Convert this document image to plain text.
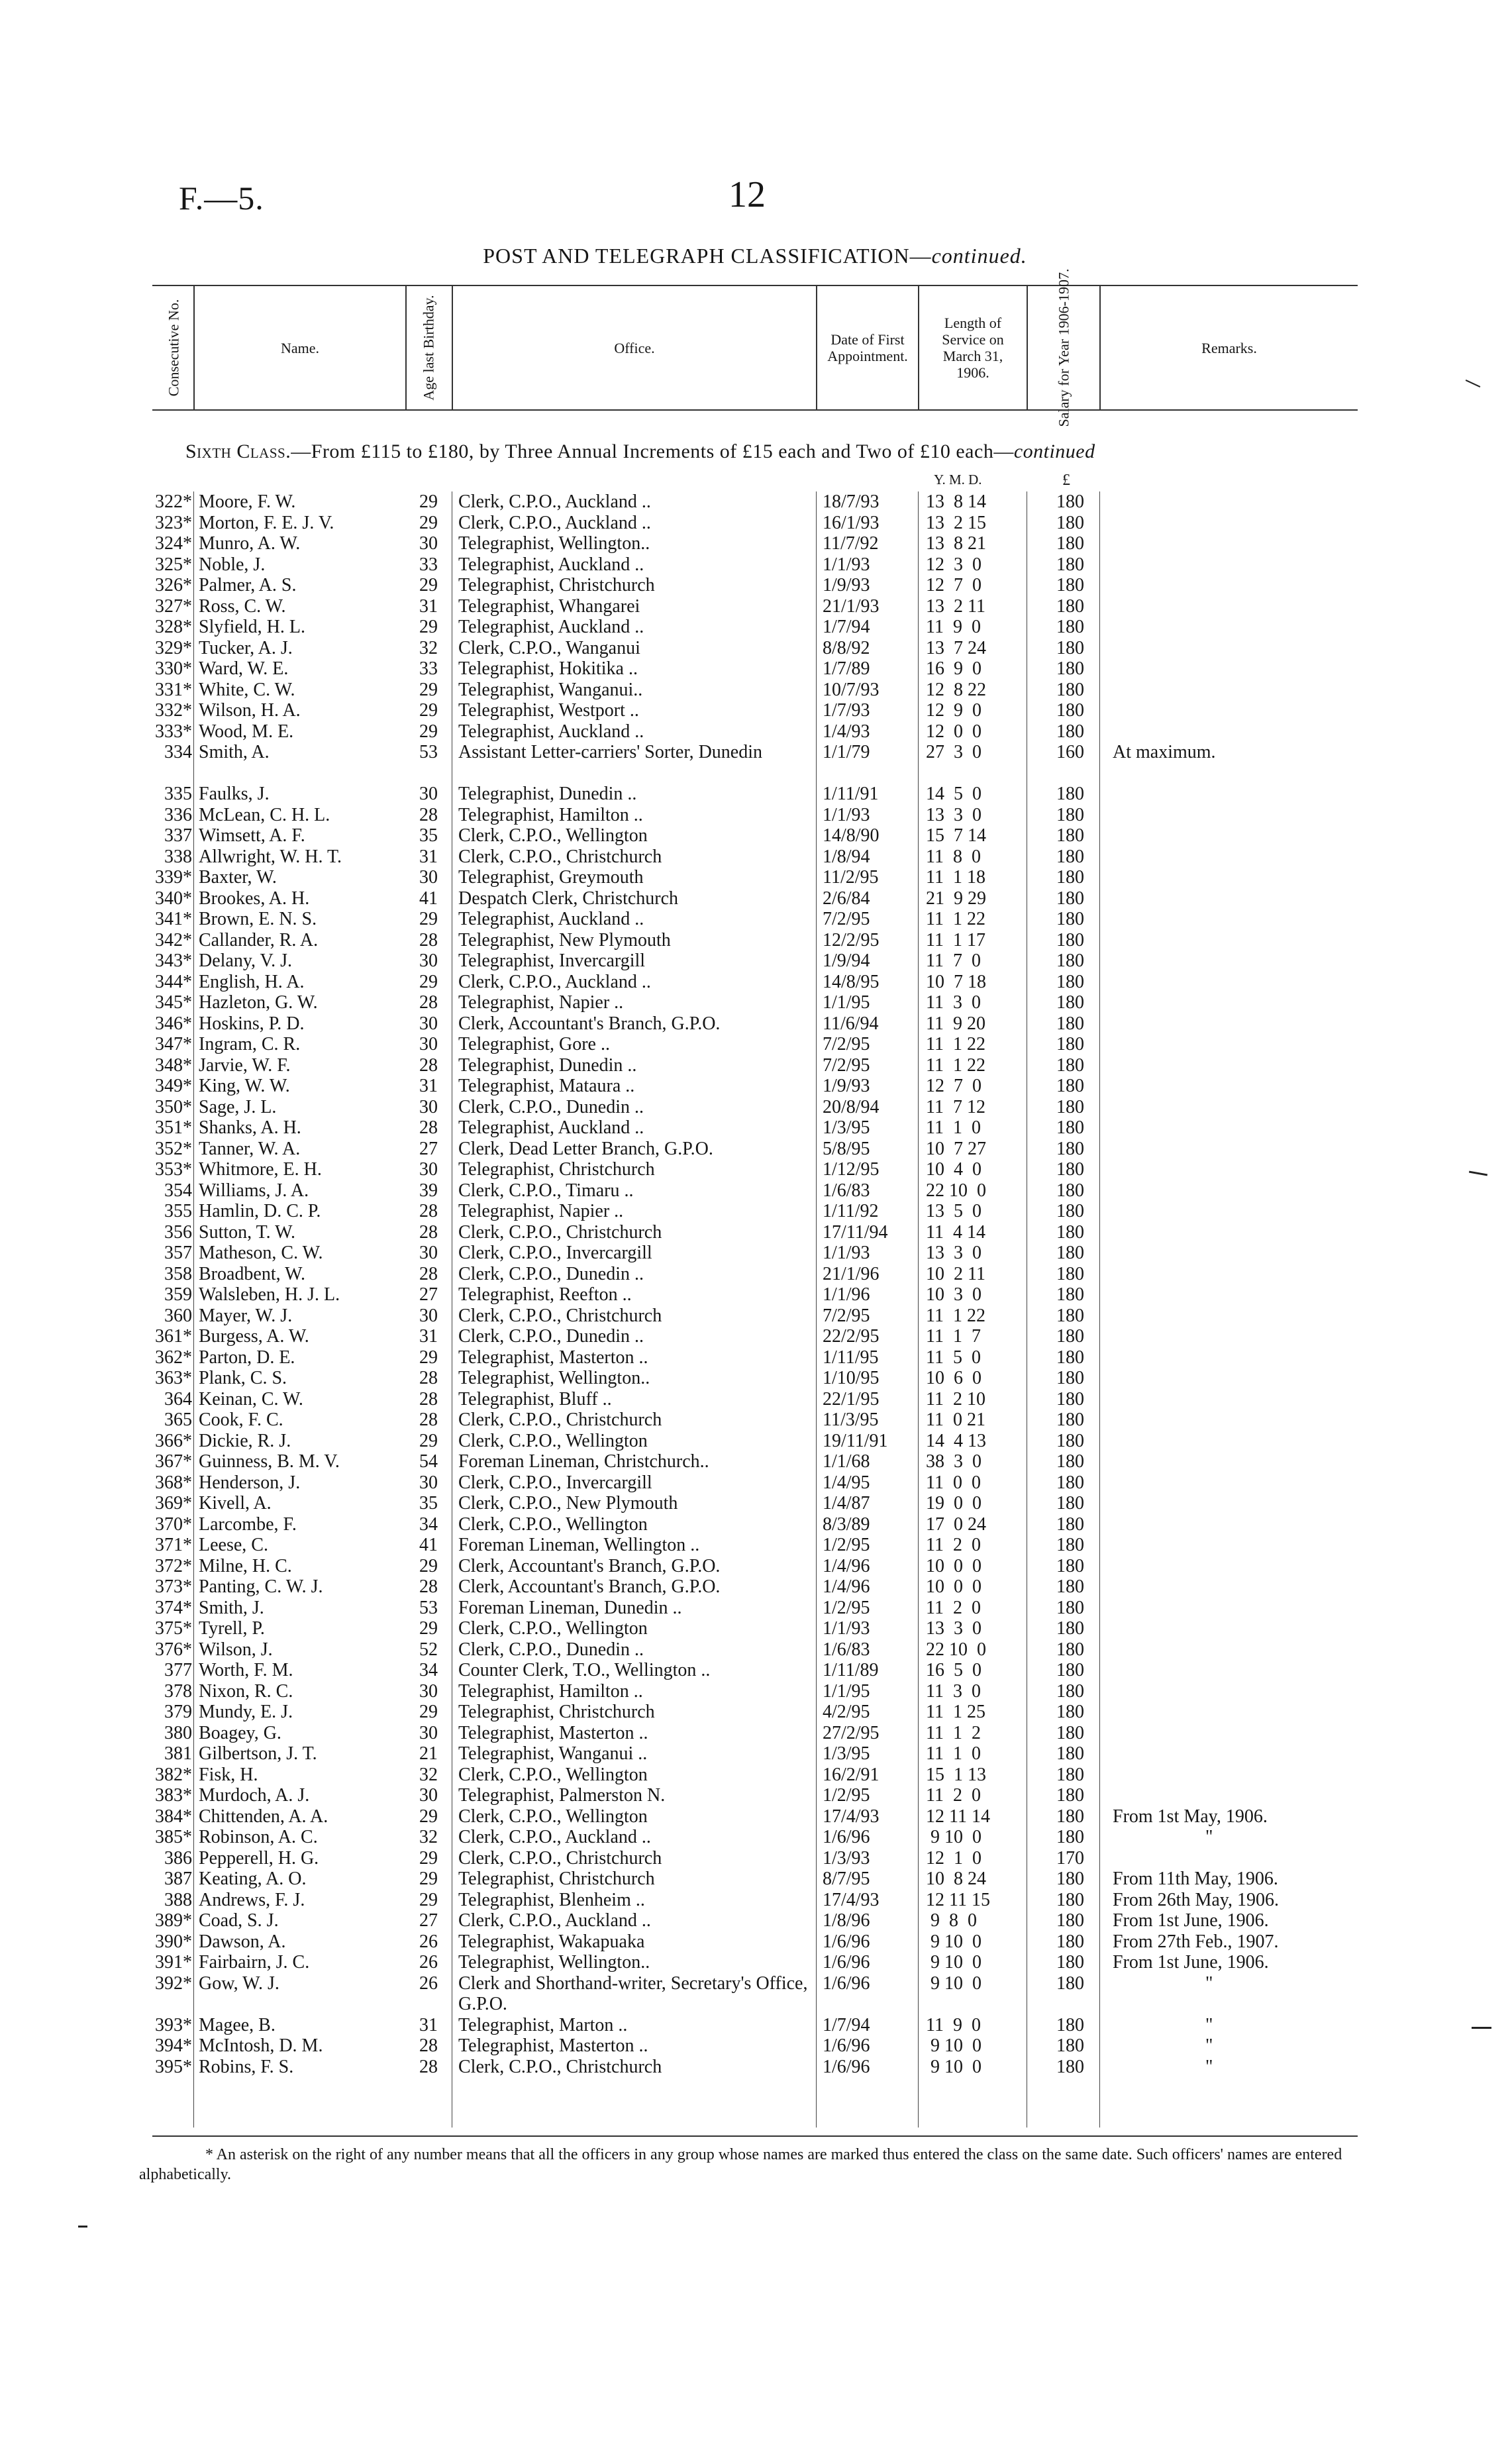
F.—5.	12
POST AND TELEGRAPH CLASSIFICATION—continued.
Consecutive No.	Name.	Age last Birthday.	Office.	Date of First Appointment.
Length of Service on March 31, 1906.	Salary for Year 1906-1907.	Remarks.
Sixth Class.—From £115 to £180, by Three Annual Increments of £15 each and Two of £10 each—continued
Y. M. D.	£
322* Moore, F. W.	29	Clerk, C.P.O., Auckland ..	18/7/93	13  8 14	180
323* Morton, F. E. J. V.	29	Clerk, C.P.O., Auckland ..	16/1/93	13  2 15	180
324* Munro, A. W.	30	Telegraphist, Wellington..	11/7/92	13  8 21	180
325* Noble, J.	33	Telegraphist, Auckland ..	1/1/93	12  3  0	180
326* Palmer, A. S.	29	Telegraphist, Christchurch	1/9/93	12  7  0	180
327* Ross, C. W.	31	Telegraphist, Whangarei	21/1/93	13  2 11	180
328* Slyfield, H. L.	29	Telegraphist, Auckland ..	1/7/94	11  9  0	180
329* Tucker, A. J.	32	Clerk, C.P.O., Wanganui	8/8/92	13  7 24	180
330* Ward, W. E.	33	Telegraphist, Hokitika ..	1/7/89	16  9  0	180
331* White, C. W.	29	Telegraphist, Wanganui..	10/7/93	12  8 22	180
332* Wilson, H. A.	29	Telegraphist, Westport ..	1/7/93	12  9  0	180
333* Wood, M. E.	29	Telegraphist, Auckland ..	1/4/93	12  0  0	180
334 Smith, A.	53	Assistant Letter-carriers' Sorter, Dunedin	1/1/79	27  3  0	160	At maximum.
335 Faulks, J.	30	Telegraphist, Dunedin ..	1/11/91	14  5  0	180
336 McLean, C. H. L.	28	Telegraphist, Hamilton ..	1/1/93	13  3  0	180
337 Wimsett, A. F.	35	Clerk, C.P.O., Wellington	14/8/90	15  7 14	180
338 Allwright, W. H. T.	31	Clerk, C.P.O., Christchurch	1/8/94	11  8  0	180
339* Baxter, W.	30	Telegraphist, Greymouth	11/2/95	11  1 18	180
340* Brookes, A. H.	41	Despatch Clerk, Christchurch	2/6/84	21  9 29	180
341* Brown, E. N. S.	29	Telegraphist, Auckland ..	7/2/95	11  1 22	180
342* Callander, R. A.	28	Telegraphist, New Plymouth	12/2/95	11  1 17	180
343* Delany, V. J.	30	Telegraphist, Invercargill	1/9/94	11  7  0	180
344* English, H. A.	29	Clerk, C.P.O., Auckland ..	14/8/95	10  7 18	180
345* Hazleton, G. W.	28	Telegraphist, Napier ..	1/1/95	11  3  0	180
346* Hoskins, P. D.	30	Clerk, Accountant's Branch, G.P.O.	11/6/94	11  9 20	180
347* Ingram, C. R.	30	Telegraphist, Gore ..	7/2/95	11  1 22	180
348* Jarvie, W. F.	28	Telegraphist, Dunedin ..	7/2/95	11  1 22	180
349* King, W. W.	31	Telegraphist, Mataura ..	1/9/93	12  7  0	180
350* Sage, J. L.	30	Clerk, C.P.O., Dunedin ..	20/8/94	11  7 12	180
351* Shanks, A. H.	28	Telegraphist, Auckland ..	1/3/95	11  1  0	180
352* Tanner, W. A.	27	Clerk, Dead Letter Branch, G.P.O.	5/8/95	10  7 27	180
353* Whitmore, E. H.	30	Telegraphist, Christchurch	1/12/95	10  4  0	180
354 Williams, J. A.	39	Clerk, C.P.O., Timaru ..	1/6/83	22 10  0	180
355 Hamlin, D. C. P.	28	Telegraphist, Napier ..	1/11/92	13  5  0	180
356 Sutton, T. W.	28	Clerk, C.P.O., Christchurch	17/11/94	11  4 14	180
357 Matheson, C. W.	30	Clerk, C.P.O., Invercargill	1/1/93	13  3  0	180
358 Broadbent, W.	28	Clerk, C.P.O., Dunedin ..	21/1/96	10  2 11	180
359 Walsleben, H. J. L.	27	Telegraphist, Reefton ..	1/1/96	10  3  0	180
360 Mayer, W. J.	30	Clerk, C.P.O., Christchurch	7/2/95	11  1 22	180
361* Burgess, A. W.	31	Clerk, C.P.O., Dunedin ..	22/2/95	11  1  7	180
362* Parton, D. E.	29	Telegraphist, Masterton ..	1/11/95	11  5  0	180
363* Plank, C. S.	28	Telegraphist, Wellington..	1/10/95	10  6  0	180
364 Keinan, C. W.	28	Telegraphist, Bluff ..	22/1/95	11  2 10	180
365 Cook, F. C.	28	Clerk, C.P.O., Christchurch	11/3/95	11  0 21	180
366* Dickie, R. J.	29	Clerk, C.P.O., Wellington	19/11/91	14  4 13	180
367* Guinness, B. M. V.	54	Foreman Lineman, Christchurch..	1/1/68	38  3  0	180
368* Henderson, J.	30	Clerk, C.P.O., Invercargill	1/4/95	11  0  0	180
369* Kivell, A.	35	Clerk, C.P.O., New Plymouth	1/4/87	19  0  0	180
370* Larcombe, F.	34	Clerk, C.P.O., Wellington	8/3/89	17  0 24	180
371* Leese, C.	41	Foreman Lineman, Wellington ..	1/2/95	11  2  0	180
372* Milne, H. C.	29	Clerk, Accountant's Branch, G.P.O.	1/4/96	10  0  0	180
373* Panting, C. W. J.	28	Clerk, Accountant's Branch, G.P.O.	1/4/96	10  0  0	180
374* Smith, J.	53	Foreman Lineman, Dunedin ..	1/2/95	11  2  0	180
375* Tyrell, P.	29	Clerk, C.P.O., Wellington	1/1/93	13  3  0	180
376* Wilson, J.	52	Clerk, C.P.O., Dunedin ..	1/6/83	22 10  0	180
377 Worth, F. M.	34	Counter Clerk, T.O., Wellington ..	1/11/89	16  5  0	180
378 Nixon, R. C.	30	Telegraphist, Hamilton ..	1/1/95	11  3  0	180
379 Mundy, E. J.	29	Telegraphist, Christchurch	4/2/95	11  1 25	180
380 Boagey, G.	30	Telegraphist, Masterton ..	27/2/95	11  1  2	180
381 Gilbertson, J. T.	21	Telegraphist, Wanganui ..	1/3/95	11  1  0	180
382* Fisk, H.	32	Clerk, C.P.O., Wellington	16/2/91	15  1 13	180
383* Murdoch, A. J.	30	Telegraphist, Palmerston N.	1/2/95	11  2  0	180
384* Chittenden, A. A.	29	Clerk, C.P.O., Wellington	17/4/93	12 11 14	180	From 1st May, 1906.
385* Robinson, A. C.	32	Clerk, C.P.O., Auckland ..	1/6/96	9 10  0	180	"
386 Pepperell, H. G.	29	Clerk, C.P.O., Christchurch	1/3/93	12  1  0	170
387 Keating, A. O.	29	Telegraphist, Christchurch	8/7/95	10  8 24	180	From 11th May, 1906.
388 Andrews, F. J.	29	Telegraphist, Blenheim ..	17/4/93	12 11 15	180	From 26th May, 1906.
389* Coad, S. J.	27	Clerk, C.P.O., Auckland ..	1/8/96	9  8  0	180	From 1st June, 1906.
390* Dawson, A.	26	Telegraphist, Wakapuaka	1/6/96	9 10  0	180	From 27th Feb., 1907.
391* Fairbairn, J. C.	26	Telegraphist, Wellington..	1/6/96	9 10  0	180	From 1st June, 1906.
392* Gow, W. J.	26	Clerk and Shorthand-writer, Secretary's Office, G.P.O.
1/6/96	9 10  0	180	"
393* Magee, B.	31	Telegraphist, Marton ..	1/7/94	11  9  0	180	"
394* McIntosh, D. M.	28	Telegraphist, Masterton ..	1/6/96	9 10  0	180	"
395* Robins, F. S.	28	Clerk, C.P.O., Christchurch	1/6/96	9 10  0	180	"
* An asterisk on the right of any number means that all the officers in any group whose names are marked thus entered the class on the same date. Such officers' names are entered alphabetically.
